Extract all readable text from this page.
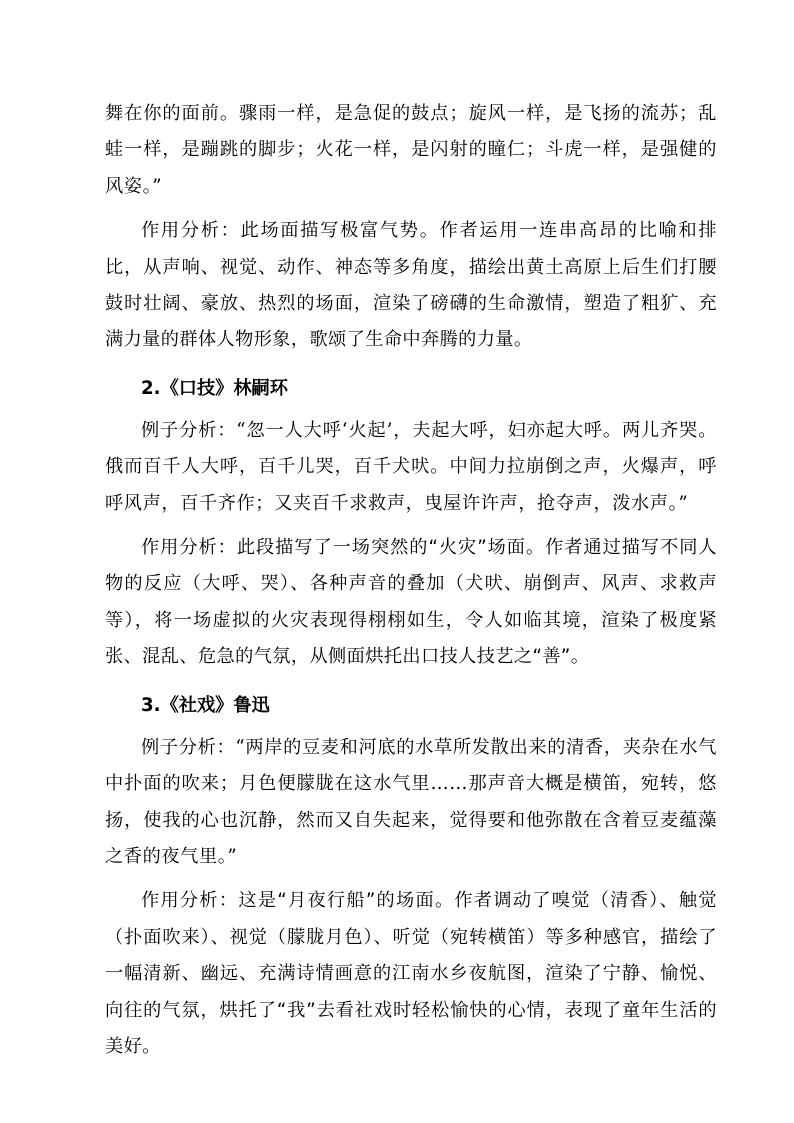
舞在你的面前。骤雨一样，是急促的鼓点；旋风一样，是飞扬的流苏；乱蛙一样，是蹦跳的脚步；火花一样，是闪射的瞳仁；斗虎一样，是强健的风姿。”

作用分析：此场面描写极富气势。作者运用一连串高昂的比喻和排比，从声响、视觉、动作、神态等多角度，描绘出黄土高原上后生们打腰鼓时壮阔、豪放、热烈的场面，渲染了磅礴的生命激情，塑造了粗犷、充满力量的群体人物形象，歌颂了生命中奔腾的力量。

2.《口技》林嗣环

例子分析：“忽一人大呼‘火起’，夫起大呼，妇亦起大呼。两儿齐哭。俄而百千人大呼，百千儿哭，百千犬吠。中间力拉崩倒之声，火爆声，呼呼风声，百千齐作；又夹百千求救声，曳屋许许声，抢夺声，泼水声。”

作用分析：此段描写了一场突然的“火灾”场面。作者通过描写不同人物的反应（大呼、哭）、各种声音的叠加（犬吠、崩倒声、风声、求救声等），将一场虚拟的火灾表现得栩栩如生，令人如临其境，渲染了极度紧张、混乱、危急的气氛，从侧面烘托出口技人技艺之“善”。

3.《社戏》鲁迅

例子分析：“两岸的豆麦和河底的水草所发散出来的清香，夹杂在水气中扑面的吹来；月色便朦胧在这水气里……那声音大概是横笛，宛转，悠扬，使我的心也沉静，然而又自失起来，觉得要和他弥散在含着豆麦蕴藻之香的夜气里。”

作用分析：这是“月夜行船”的场面。作者调动了嗅觉（清香）、触觉（扑面吹来）、视觉（朦胧月色）、听觉（宛转横笛）等多种感官，描绘了一幅清新、幽远、充满诗情画意的江南水乡夜航图，渲染了宁静、愉悦、向往的气氛，烘托了“我”去看社戏时轻松愉快的心情，表现了童年生活的美好。
